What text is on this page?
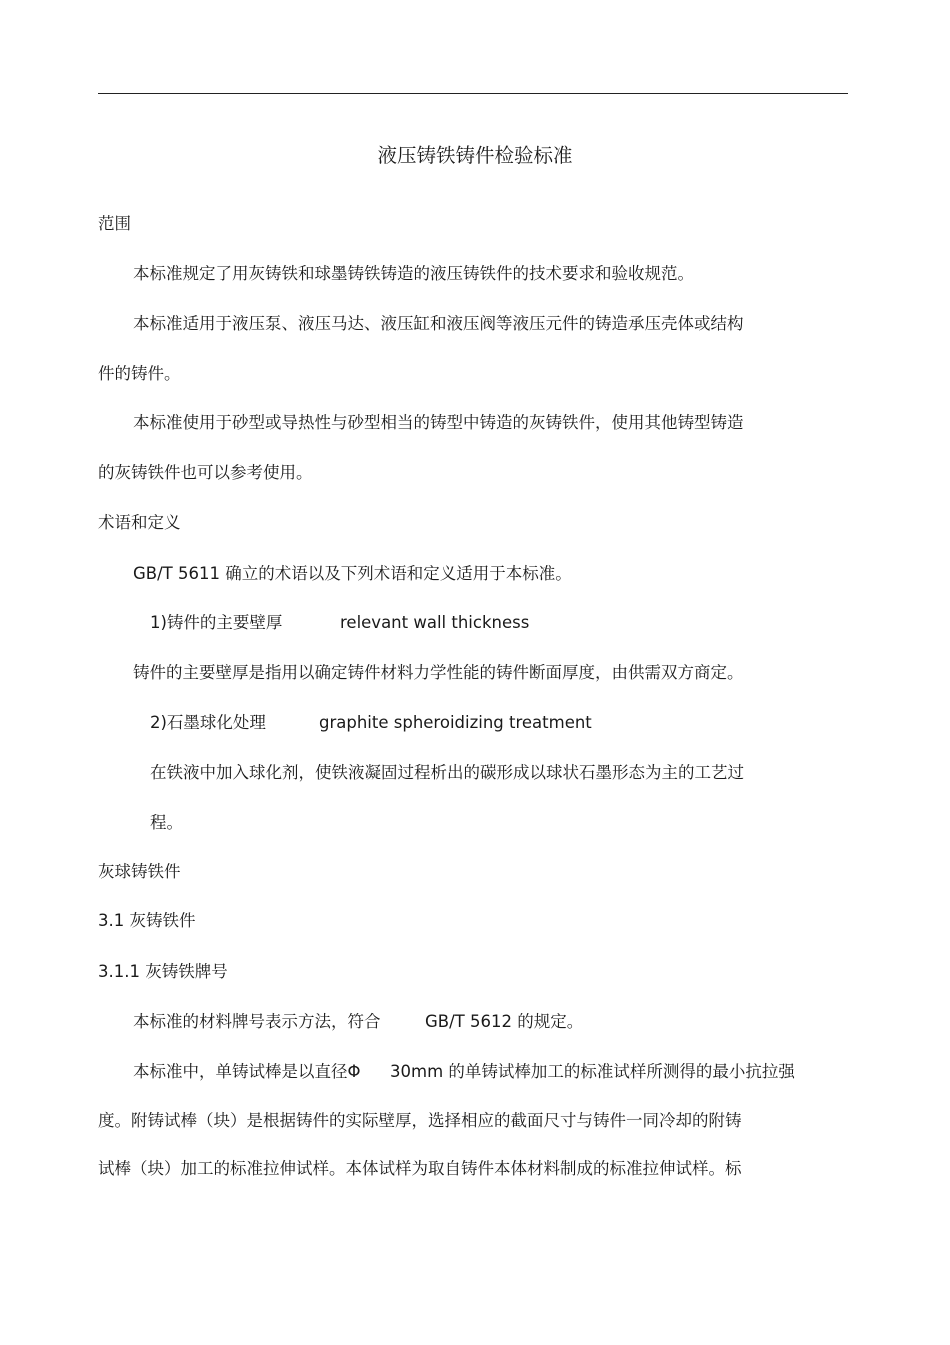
液压铸铁铸件检验标准
范围
本标准规定了用灰铸铁和球墨铸铁铸造的液压铸铁件的技术要求和验收规范。
本标准适用于液压泵、液压马达、液压缸和液压阀等液压元件的铸造承压壳体或结构
件的铸件。
本标准使用于砂型或导热性与砂型相当的铸型中铸造的灰铸铁件，使用其他铸型铸造
的灰铸铁件也可以参考使用。
术语和定义
GB/T 5611 确立的术语以及下列术语和定义适用于本标准。
1)铸件的主要壁厚	relevant wall thickness
铸件的主要壁厚是指用以确定铸件材料力学性能的铸件断面厚度，由供需双方商定。
2)石墨球化处理	graphite spheroidizing treatment
在铁液中加入球化剂，使铁液凝固过程析出的碳形成以球状石墨形态为主的工艺过
程。
灰球铸铁件
3.1 灰铸铁件
3.1.1 灰铸铁牌号
本标准的材料牌号表示方法，符合	GB/T 5612 的规定。
本标准中，单铸试棒是以直径Φ 30mm 的单铸试棒加工的标准试样所测得的最小抗拉强
度。附铸试棒（块）是根据铸件的实际壁厚，选择相应的截面尺寸与铸件一同冷却的附铸
试棒（块）加工的标准拉伸试样。本体试样为取自铸件本体材料制成的标准拉伸试样。标
